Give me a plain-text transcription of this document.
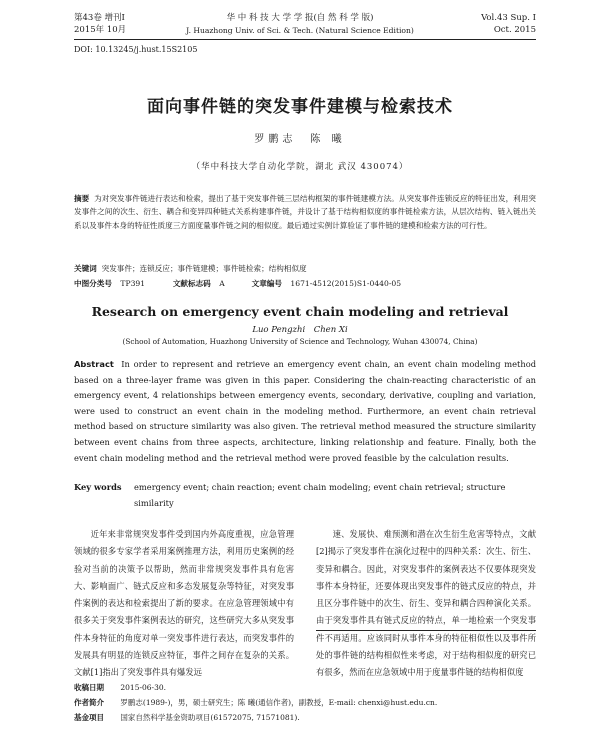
第43卷 增刊Ⅰ
2015年 10月
华 中 科 技 大 学 学 报(自 然 科 学 版)
J. Huazhong Univ. of Sci. & Tech. (Natural Science Edition)
Vol.43 Sup. Ⅰ
Oct. 2015
DOI: 10.13245/j.hust.15S2105
面向事件链的突发事件建模与检索技术
罗鹏志　陈 曦
（华中科技大学自动化学院，湖北 武汉 430074）
摘要 为对突发事件链进行表达和检索，提出了基于突发事件链三层结构框架的事件链建模方法。从突发事件连锁反应的特征出发，利用突发事件之间的次生、衍生、耦合和变异四种链式关系构建事件链，并设计了基于结构相似度的事件链检索方法，从层次结构、链入链出关系以及事件本身的特征性质度三方面度量事件链之间的相似度。最后通过实例计算验证了事件链的建模和检索方法的可行性。
关键词 突发事件；连锁反应；事件链建模；事件链检索；结构相似度
中图分类号 TP391	文献标志码 A	文章编号 1671-4512(2015)S1-0440-05
Research on emergency event chain modeling and retrieval
Luo Pengzhi　Chen Xi
(School of Automation, Huazhong University of Science and Technology, Wuhan 430074, China)
Abstract In order to represent and retrieve an emergency event chain, an event chain modeling method based on a three-layer frame was given in this paper. Considering the chain-reacting characteristic of an emergency event, 4 relationships between emergency events, secondary, derivative, coupling and variation, were used to construct an event chain in the modeling method. Furthermore, an event chain retrieval method based on structure similarity was also given. The retrieval method measured the structure similarity between event chains from three aspects, architecture, linking relationship and feature. Finally, both the event chain modeling method and the retrieval method were proved feasible by the calculation results.
Key words emergency event; chain reaction; event chain modeling; event chain retrieval; structure similarity
近年来非常规突发事件受到国内外高度重视，应急管理领域的很多专家学者采用案例推理方法，利用历史案例的经验对当前的决策予以帮助，然而非常规突发事件具有危害大、影响面广、链式反应和多态发展复杂等特征，对突发事件案例的表达和检索提出了新的要求。在应急管理领域中有很多关于突发事件案例表达的研究，这些研究大多从突发事件本身特征的角度对单一突发事件进行表达，而突发事件的发展具有明显的连锁反应特征，事件之间存在复杂的关系。文献[1]指出了突发事件具有爆发远
速、发展快、难预测和潜在次生衍生危害等特点，文献[2]揭示了突发事件在演化过程中的四种关系：次生、衍生、变异和耦合。因此，对突发事件的案例表达不仅要体现突发事件本身特征，还要体现出突发事件的链式反应的特点，并且区分事件链中的次生、衍生、变异和耦合四种演化关系。由于突发事件具有链式反应的特点，单一地检索一个突发事件不再适用。应该同时从事件本身的特征相似性以及事件所处的事件链的结构相似性来考虑，对于结构相似度的研究已有很多，然而在应急领域中用于度量事件链的结构相似度
收稿日期 2015-06-30.
作者简介 罗鹏志(1989-)，男，硕士研究生；陈 曦(通信作者)，副教授，E-mail: chenxi@hust.edu.cn.
基金项目 国家自然科学基金资助项目(61572075, 71571081).
